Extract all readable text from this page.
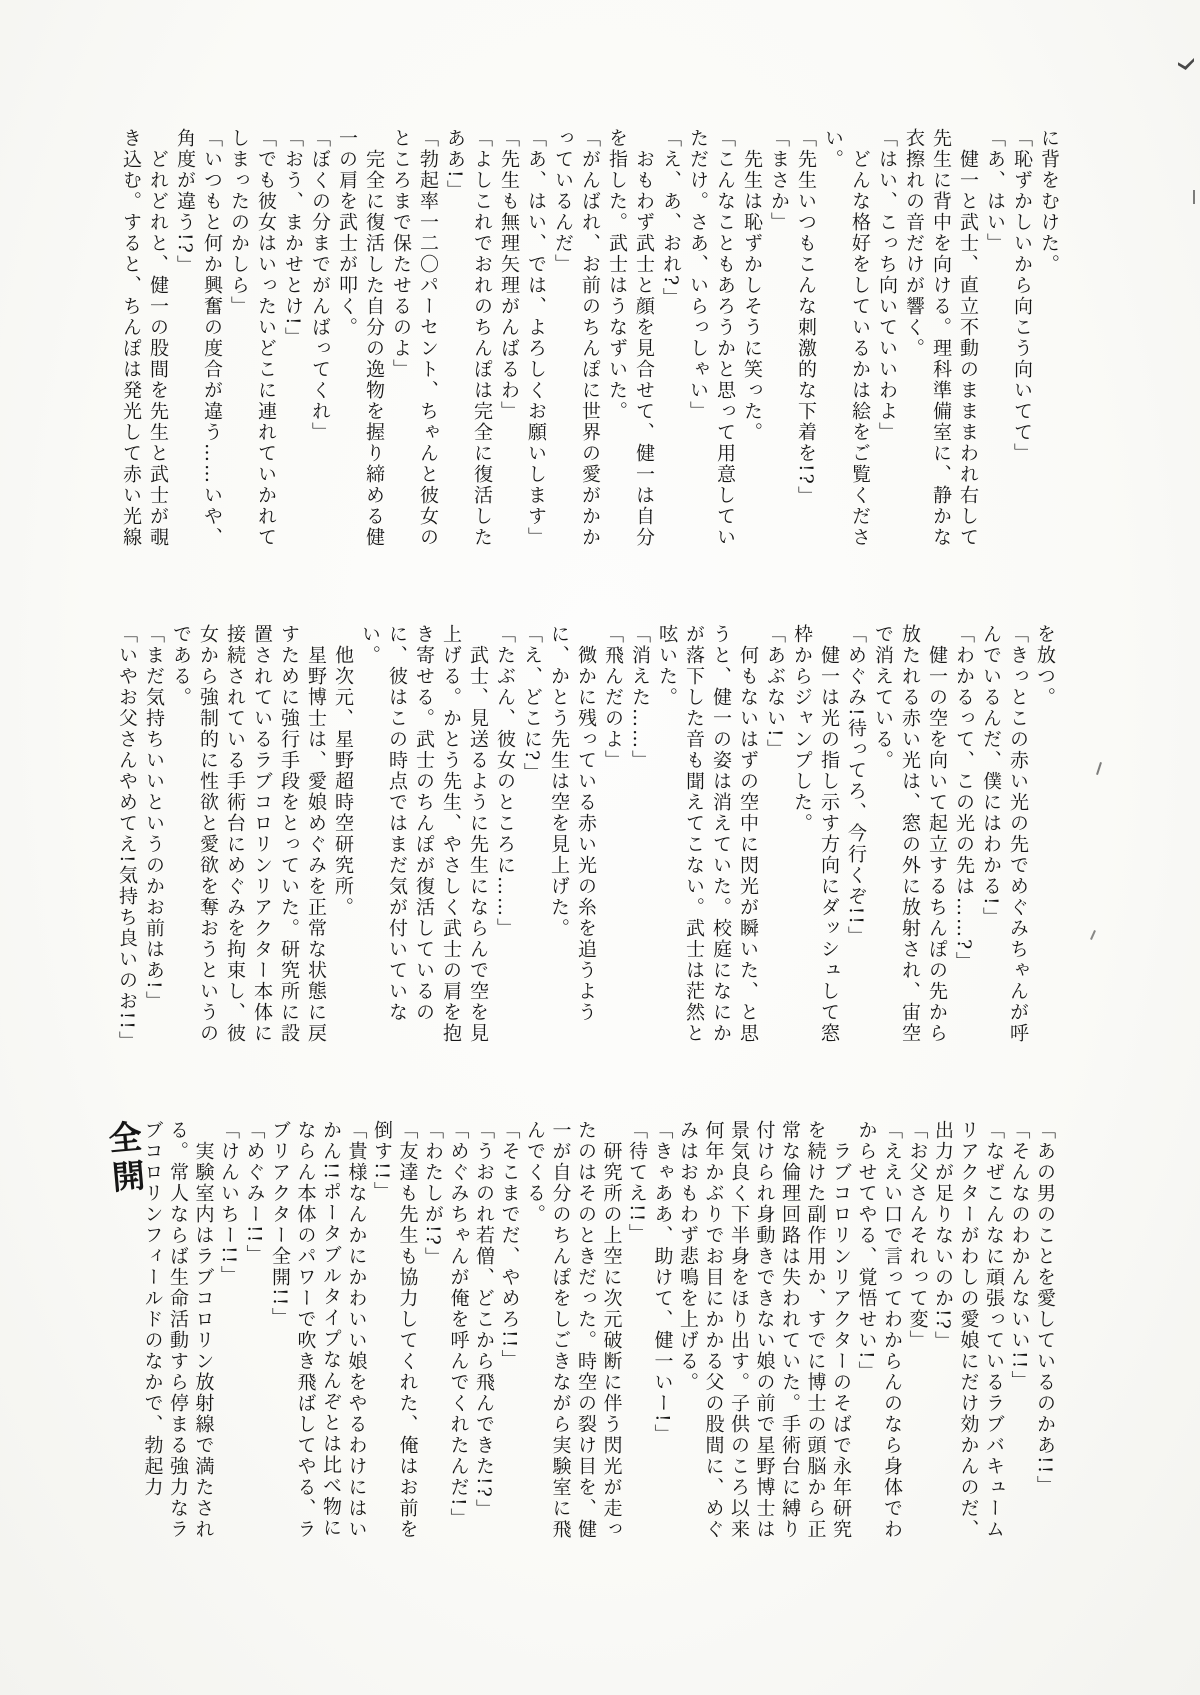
に背をむけた。

「恥ずかしいから向こう向いてて」

「あ、はい」

　健一と武士、直立不動のまままわれ右して先生に背中を向ける。理科準備室に、静かな衣擦れの音だけが響く。

「はい、こっち向いていいわよ」

　どんな格好をしているかは絵をご覧ください。

「先生いつもこんな刺激的な下着を!?」

「まさか」

　先生は恥ずかしそうに笑った。

「こんなこともあろうかと思って用意していただけ。さあ、いらっしゃい」

「え、あ、おれ?」

　おもわず武士と顔を見合せて、健一は自分を指した。武士はうなずいた。

「がんばれ、お前のちんぽに世界の愛がかかっているんだ」

「あ、はい、では、よろしくお願いします」

「先生も無理矢理がんばるわ」

「よしこれでおれのちんぽは完全に復活したああ!」

「勃起率一二〇パーセント、ちゃんと彼女のところまで保たせるのよ」

　完全に復活した自分の逸物を握り締める健一の肩を武士が叩く。

「ぼくの分までがんばってくれ」

「おう、まかせとけ!」

「でも彼女はいったいどこに連れていかれてしまったのかしら」

「いつもと何か興奮の度合が違う……いや、角度が違う!?」

　どれどれと、健一の股間を先生と武士が覗き込む。すると、ちんぽは発光して赤い光線

を放つ。

「きっとこの赤い光の先でめぐみちゃんが呼んでいるんだ、僕にはわかる!」

「わかるって、この光の先は……?」

　健一の空を向いて起立するちんぽの先から放たれる赤い光は、窓の外に放射され、宙空で消えている。

「めぐみ!待ってろ、今行くぞ!!」

　健一は光の指し示す方向にダッシュして窓枠からジャンプした。

「あぶない!」

　何もないはずの空中に閃光が瞬いた、と思うと、健一の姿は消えていた。校庭になにかが落下した音も聞えてこない。武士は茫然と呟いた。

「消えた……」

「飛んだのよ」

　微かに残っている赤い光の糸を追うように、かとう先生は空を見上げた。

「え、どこに?」

「たぶん、彼女のところに……」

　武士、見送るように先生にならんで空を見上げる。かとう先生、やさしく武士の肩を抱き寄せる。武士のちんぽが復活しているのに、彼はこの時点ではまだ気が付いていない。

　他次元、星野超時空研究所。

　星野博士は、愛娘めぐみを正常な状態に戻すために強行手段をとっていた。研究所に設置されているラブコロリンリアクター本体に接続されている手術台にめぐみを拘束し、彼女から強制的に性欲と愛欲を奪おうというのである。

「まだ気持ちいいというのかお前はあ!」

「いやお父さんやめてえ!気持ち良いのお!!」

「あの男のことを愛しているのかあ!!」

「そんなのわかんないい!!」

「なぜこんなに頑張っているラブバキュームリアクターがわしの愛娘にだけ効かんのだ、出力が足りないのか!?」

「お父さんそれって変」

「ええい口で言ってわからんのなら身体でわからせてやる、覚悟せい!」

　ラブコロリンリアクターのそばで永年研究を続けた副作用か、すでに博士の頭脳から正常な倫理回路は失われていた。手術台に縛り付けられ身動きできない娘の前で星野博士は景気良く下半身をほり出す。子供のころ以来何年かぶりでお目にかかる父の股間に、めぐみはおもわず悲鳴を上げる。

「きゃああ、助けて、健一いー!」

「待てえ!!」

　研究所の上空に次元破断に伴う閃光が走ったのはそのときだった。時空の裂け目を、健一が自分のちんぽをしごきながら実験室に飛んでくる。

「そこまでだ、やめろ!!」

「うおのれ若僧、どこから飛んできた!?」

「めぐみちゃんが俺を呼んでくれたんだ!」

「わたしが!?」

「友達も先生も協力してくれた、俺はお前を倒す!!」

「貴様なんかにかわいい娘をやるわけにはいかん!!ポータブルタイプなんぞとは比べ物にならん本体のパワーで吹き飛ばしてやる、ラブリアクター全開!!」

「めぐみー!!」

「けんいちー!!」

　実験室内はラブコロリン放射線で満たされる。常人ならば生命活動すら停まる強力なラブコロリンフィールドのなかで、勃起力全開
